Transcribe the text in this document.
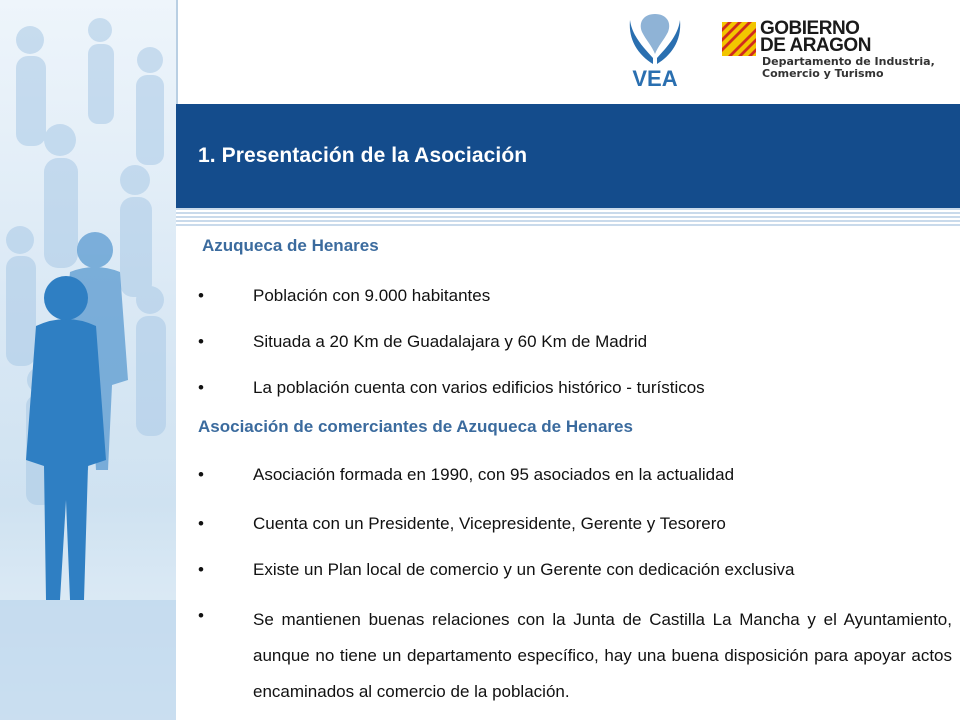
VEA
GOBIERNO
DE ARAGON
Departamento de Industria,
Comercio y Turismo
1. Presentación de la Asociación
Azuqueca de Henares
•	Población con 9.000 habitantes
•	Situada a 20 Km de Guadalajara y 60 Km de Madrid
•	La población cuenta con varios edificios histórico - turísticos
Asociación de comerciantes de Azuqueca de Henares
•	Asociación formada en 1990, con 95 asociados en la actualidad
•	Cuenta con un Presidente, Vicepresidente, Gerente y Tesorero
•	Existe un Plan local de comercio y un Gerente con dedicación exclusiva
•	Se mantienen buenas relaciones con la Junta de Castilla La Mancha y el Ayuntamiento, aunque no tiene un departamento específico, hay una buena disposición para apoyar actos encaminados al comercio de la población.
